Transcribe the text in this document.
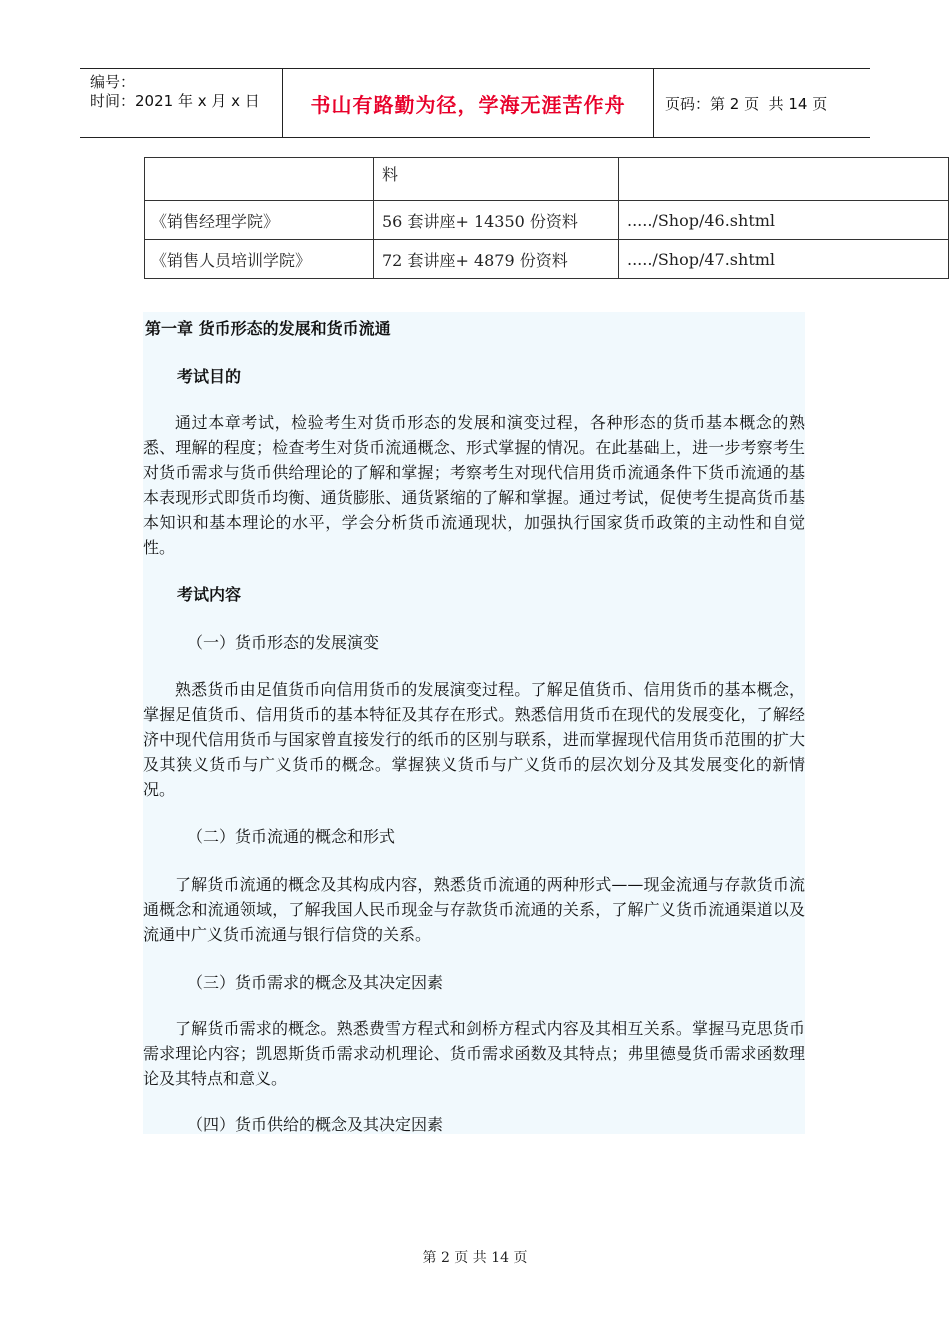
编号：
时间：2021 年 x 月 x 日	书山有路勤为径，学海无涯苦作舟	页码：第 2 页  共 14 页
	料	
《销售经理学院》	56 套讲座+ 14350 份资料	...../Shop/46.shtml
《销售人员培训学院》	72 套讲座+ 4879 份资料	...../Shop/47.shtml
第一章 货币形态的发展和货币流通
考试目的

通过本章考试，检验考生对货币形态的发展和演变过程，各种形态的货币基本概念的熟悉、理解的程度；检查考生对货币流通概念、形式掌握的情况。在此基础上，进一步考察考生对货币需求与货币供给理论的了解和掌握；考察考生对现代信用货币流通条件下货币流通的基本表现形式即货币均衡、通货膨胀、通货紧缩的了解和掌握。通过考试，促使考生提高货币基本知识和基本理论的水平，学会分析货币流通现状，加强执行国家货币政策的主动性和自觉性。

考试内容
（一）货币形态的发展演变

熟悉货币由足值货币向信用货币的发展演变过程。了解足值货币、信用货币的基本概念，掌握足值货币、信用货币的基本特征及其存在形式。熟悉信用货币在现代的发展变化，了解经济中现代信用货币与国家曾直接发行的纸币的区别与联系，进而掌握现代信用货币范围的扩大及其狭义货币与广义货币的概念。掌握狭义货币与广义货币的层次划分及其发展变化的新情况。

（二）货币流通的概念和形式

了解货币流通的概念及其构成内容，熟悉货币流通的两种形式——现金流通与存款货币流通概念和流通领域，了解我国人民币现金与存款货币流通的关系，了解广义货币流通渠道以及流通中广义货币流通与银行信贷的关系。

（三）货币需求的概念及其决定因素

了解货币需求的概念。熟悉费雪方程式和剑桥方程式内容及其相互关系。掌握马克思货币需求理论内容；凯恩斯货币需求动机理论、货币需求函数及其特点；弗里德曼货币需求函数理论及其特点和意义。

（四）货币供给的概念及其决定因素
第 2 页 共 14 页
